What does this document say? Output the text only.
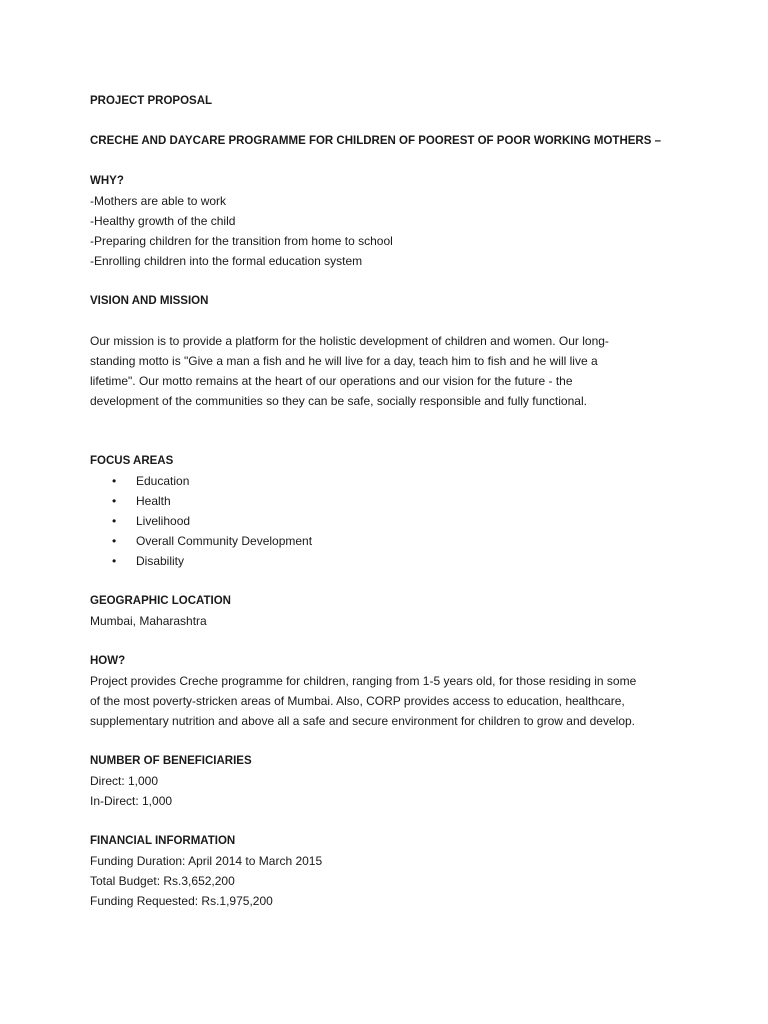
PROJECT PROPOSAL
CRECHE AND DAYCARE PROGRAMME FOR CHILDREN OF POOREST OF POOR WORKING MOTHERS –
WHY?
-Mothers are able to work
-Healthy growth of the child
-Preparing children for the transition from home to school
-Enrolling children into the formal education system
VISION AND MISSION
Our mission is to provide a platform for the holistic development of children and women. Our long-
standing motto is "Give a man a fish and he will live for a day, teach him to fish and he will live a
lifetime". Our motto remains at the heart of our operations and our vision for the future - the
development of the communities so they can be safe, socially responsible and fully functional.
FOCUS AREAS
• Education
• Health
• Livelihood
• Overall Community Development
• Disability
GEOGRAPHIC LOCATION
Mumbai, Maharashtra
HOW?
Project provides Creche programme for children, ranging from 1-5 years old, for those residing in some
of the most poverty-stricken areas of Mumbai. Also, CORP provides access to education, healthcare,
supplementary nutrition and above all a safe and secure environment for children to grow and develop.
NUMBER OF BENEFICIARIES
Direct: 1,000
In-Direct: 1,000
FINANCIAL INFORMATION
Funding Duration: April 2014 to March 2015
Total Budget: Rs.3,652,200
Funding Requested: Rs.1,975,200
